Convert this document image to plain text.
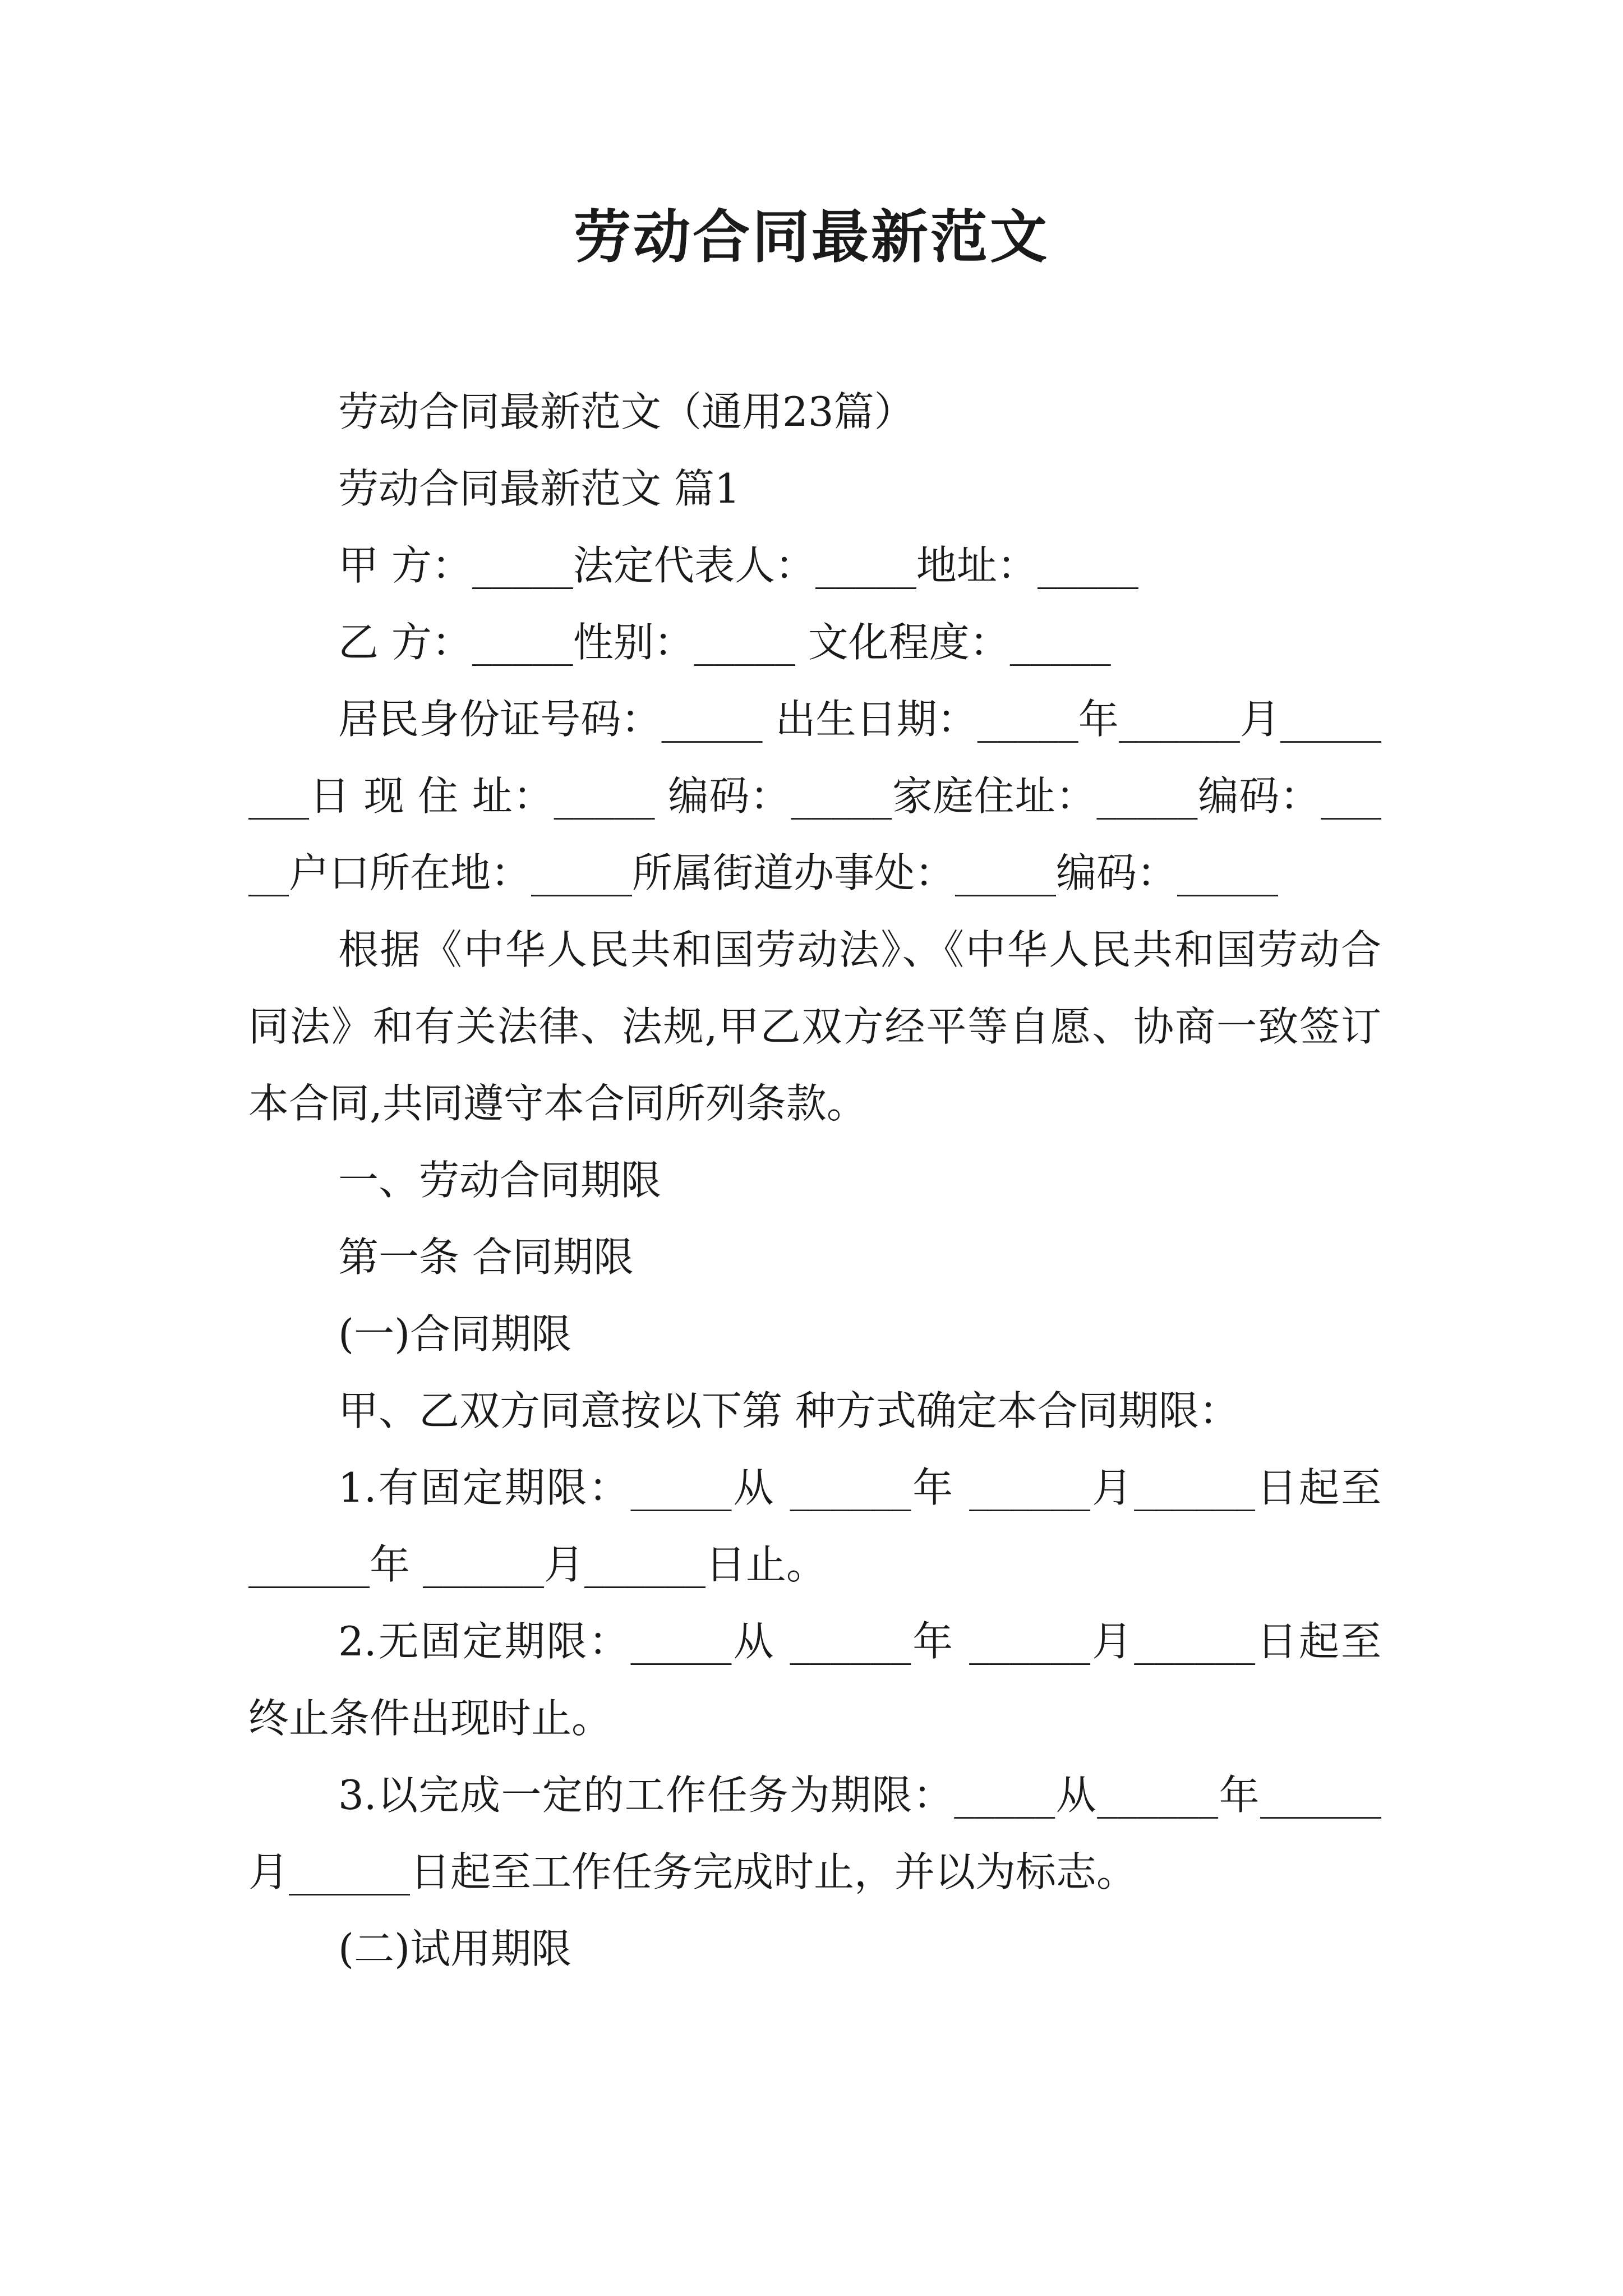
劳动合同最新范文

劳动合同最新范文（通用23篇）

劳动合同最新范文 篇1

甲 方：_____法定代表人：_____地址：_____

乙 方：_____性别：_____ 文化程度：_____

居民身份证号码：_____ 出生日期：_____年______月________日 现 住 址：_____ 编码：_____家庭住址：_____编码：_____户口所在地：_____所属街道办事处：_____编码：_____

根据《中华人民共和国劳动法》、《中华人民共和国劳动合同法》和有关法律、法规,甲乙双方经平等自愿、协商一致签订本合同,共同遵守本合同所列条款。

一、劳动合同期限

第一条 合同期限

(一)合同期限

甲、乙双方同意按以下第 种方式确定本合同期限：

1.有固定期限：_____从 ______年 ______月______日起至 ______年 ______月______日止。

2.无固定期限：_____从 ______年 ______月______日起至终止条件出现时止。

3.以完成一定的工作任务为期限：_____从______年______月______日起至工作任务完成时止，并以为标志。

(二)试用期限
